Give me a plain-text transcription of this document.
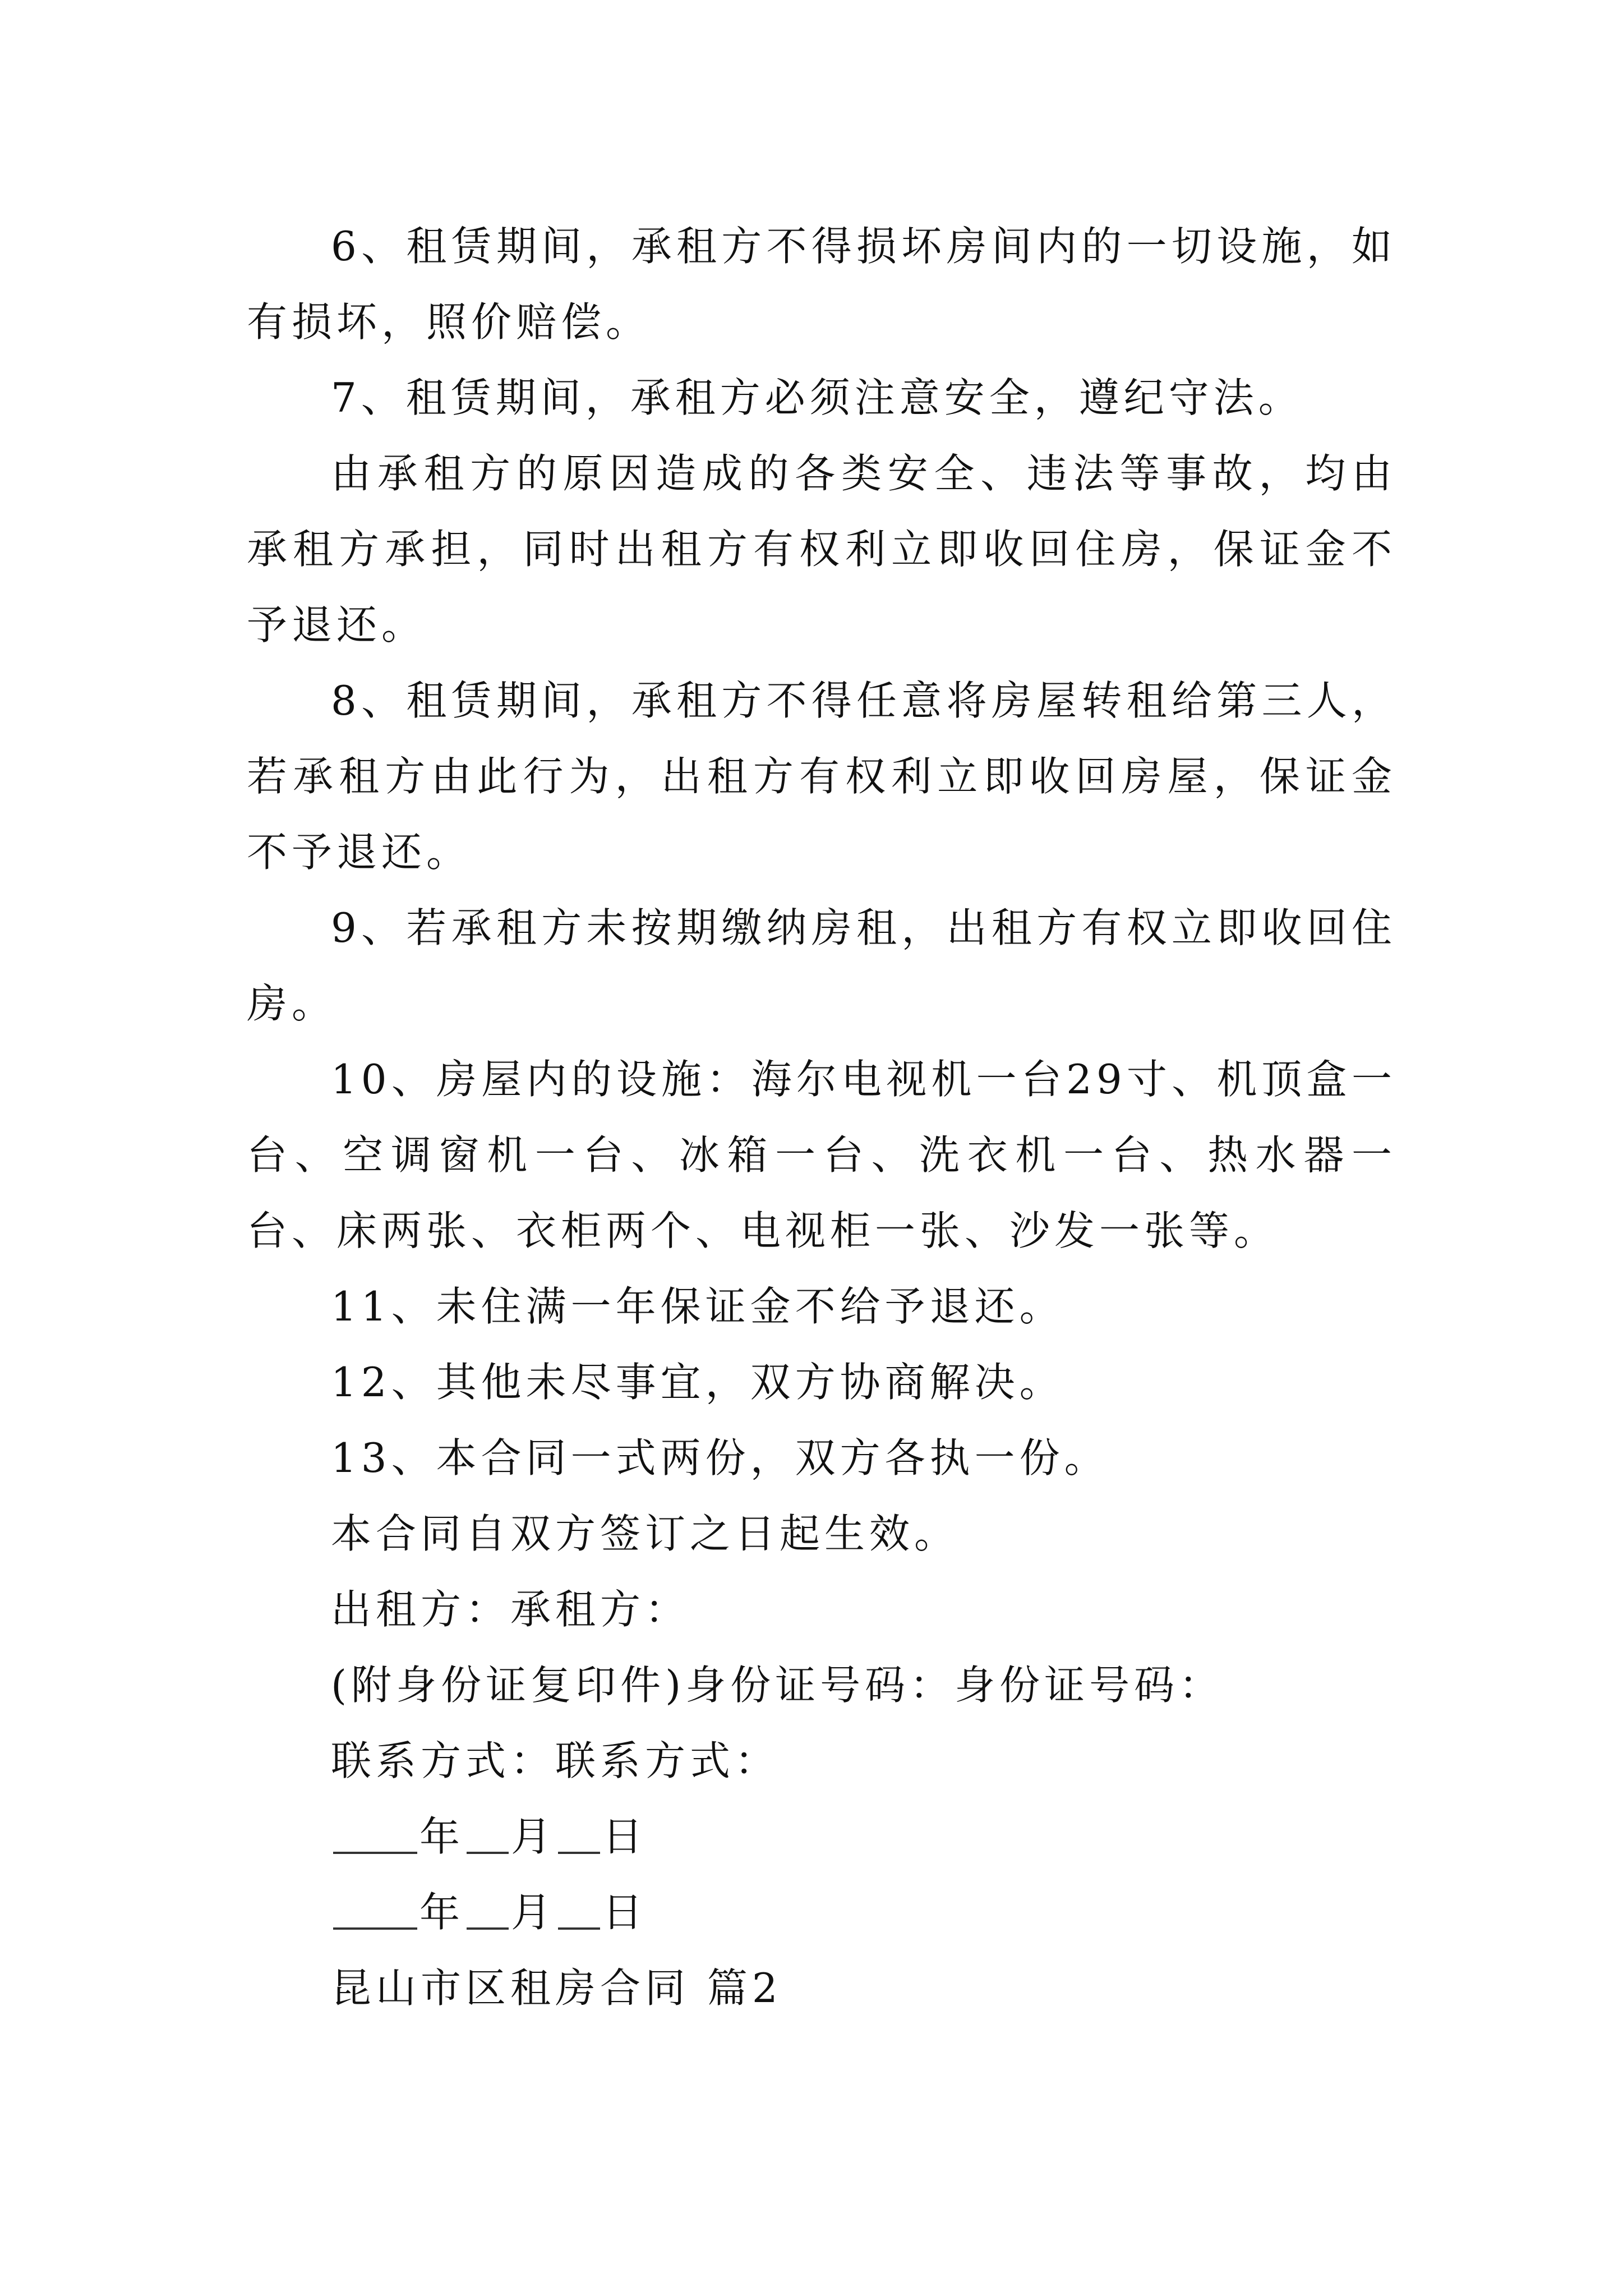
6、租赁期间，承租方不得损坏房间内的一切设施，如有损坏，照价赔偿。

7、租赁期间，承租方必须注意安全，遵纪守法。

由承租方的原因造成的各类安全、违法等事故，均由承租方承担，同时出租方有权利立即收回住房，保证金不予退还。

8、租赁期间，承租方不得任意将房屋转租给第三人，若承租方由此行为，出租方有权利立即收回房屋，保证金不予退还。

9、若承租方未按期缴纳房租，出租方有权立即收回住房。

10、房屋内的设施：海尔电视机一台29寸、机顶盒一台、空调窗机一台、冰箱一台、洗衣机一台、热水器一台、床两张、衣柜两个、电视柜一张、沙发一张等。

11、未住满一年保证金不给予退还。

12、其他未尽事宜，双方协商解决。

13、本合同一式两份，双方各执一份。

本合同自双方签订之日起生效。

出租方：承租方：

(附身份证复印件)身份证号码：身份证号码：

联系方式：联系方式：

年 月 日

年 月 日

昆山市区租房合同 篇2
